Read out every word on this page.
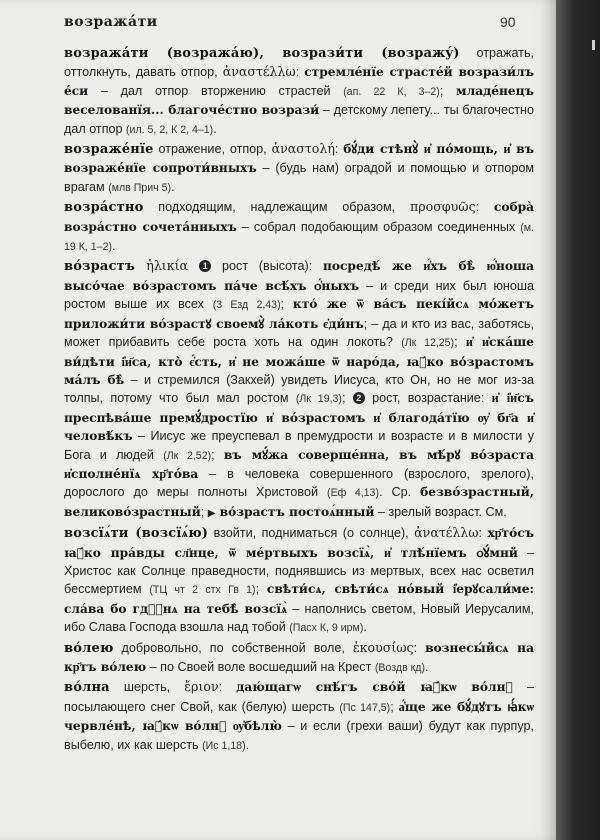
возражáти	90

возражáти (возражáю), возрази́ти (возражý) отражать, оттолкнуть, давать отпор, ἀναστέλλω: стремлéнїе страстéй возрази́лъ éси – дал отпор вторжению страстей (ап. 22 К, 3–2); младéнецъ веселованїя... благочéстно возрази́ – детскому лепету... ты благочестно дал отпор (ил. 5, 2, К 2, 4–1).

возражéнїе отражение, отпор, ἀναστολή: бꙋ́ди стѣнꙋ̀ и҆ по́мощь, и҆ въ возражéнїе сопроти́вныхъ – (будь нам) оградой и помощью и отпором врагам (млв Прич 5).

возрáстно подходящим, надлежащим образом, προσφυῶς: собра̀ возрáстно сочетáнныхъ – собрал подобающим образом соединенных (м. 19 К, 1–2).

во́зрастъ ἡλικία 1 рост (высота): посредѣ́ же и҆́хъ бѣ̀ ю҆́ноша высо́чае во́зрастомъ пáче всѣ́хъ ѻ҆́ныхъ – и среди них был юноша ростом выше их всех (3 Езд 2,43); кто́ же ѿ вáсъ пекі́йсѧ мо́жетъ приложи́ти во́зрастꙋ своемꙋ̀ лáкоть є҆ди́нъ; – да и кто из вас, заботясь, может прибавить себе роста хоть на один локоть? (Лк 12,25); и҆ и҆скáше ви́дѣти і҆и҃са, кто̀ є҆́сть, и҆ не можáше ѿ нарóда, ꙗ҆́ко во́зрастомъ мáлъ бѣ̀ – и стремился (Закхей) увидеть Иисуса, кто Он, но не мог из-за толпы, потому что был мал ростом (Лк 19,3); 2 рост, возрастание: и҆ і҆и҃съ преспѣвáше премꙋ́дростїю и҆ во́зрастомъ и҆ благодáтїю ѹ҆ бг҃а и҆ человѣ́къ – Иисус же преуспевал в премудрости и возрасте и в милости у Бога и людей (Лк 2,52); въ мꙋ́жа совершéнна, въ мѣ́рꙋ во́зраста и҆сполнéнїѧ хр҃тóва – в человека совершенного (взрослого, зрелого), дорослого до меры полноты Христовой (Еф 4,13). Ср. безво́зрастный, великово́зрастный; ▶ во́зрастъ постоѧ́нный – зрелый возраст. См.

возсїѧ́ти (возсїѧ́ю) взойти, подниматься (о солнце), ἀνατέλλω: хр҃то́съ ꙗ҆́ко прáвды сл҃нце, ѿ мéртвыхъ возсїѧ̀, и҆ тлѣ́нїемъ ѻ҆ꙋ́мнй – Христос как Солнце праведности, поднявшись из мертвых, всех нас осветил бессмертием (ТЦ чт 2 стх Гв 1); свѣти́сѧ, свѣти́сѧ но́вый і҆ерꙋсали́ме: слáва бо гдⷭ҇нѧ на тебѣ̀ возсїѧ̀ – наполнись светом, Новый Иерусалим, ибо Слава Господа взошла над тобой (Пасх К, 9 ирм).

во́лею добровольно, по собственной воле, ἑκουσίως: вознесы́йсѧ на кр҃тъ во́лею – по Своей воле восшедший на Крест (Воздв кд).

во́лна шерсть, ἔριον: даю́щагѡ снѣ́гъ сво́й ꙗ҆́кѡ во́лнꙋ – посылающего снег Свой, как (белую) шерсть (Пс 147,5); а҆́ще же бꙋ́дꙋтъ ꙗ҆́кѡ червлéнѣ, ꙗ҆́кѡ во́лнꙋ ѹ҆бѣлю̀ – и если (грехи ваши) будут как пурпур, выбелю, их как шерсть (Ис 1,18).
